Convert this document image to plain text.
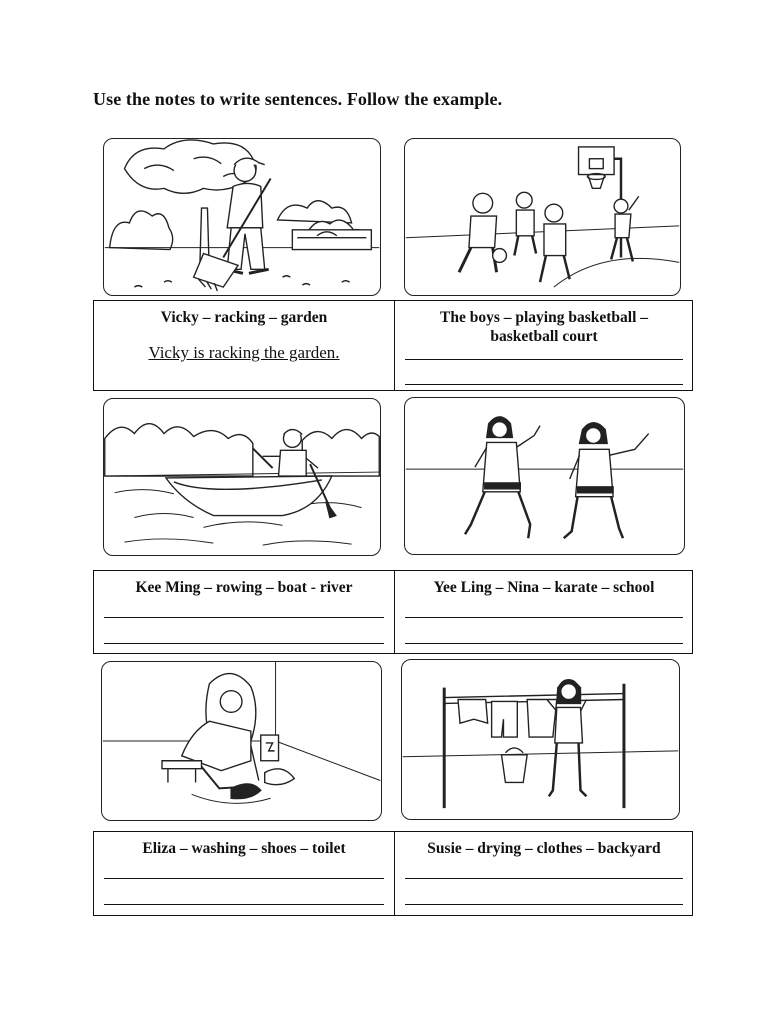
Use the notes to write sentences. Follow the example.
Vicky – racking – garden
Vicky is racking the garden.
The boys – playing basketball – basketball court
Kee Ming – rowing – boat - river	Yee Ling – Nina – karate – school
Eliza – washing – shoes – toilet	Susie – drying – clothes – backyard
